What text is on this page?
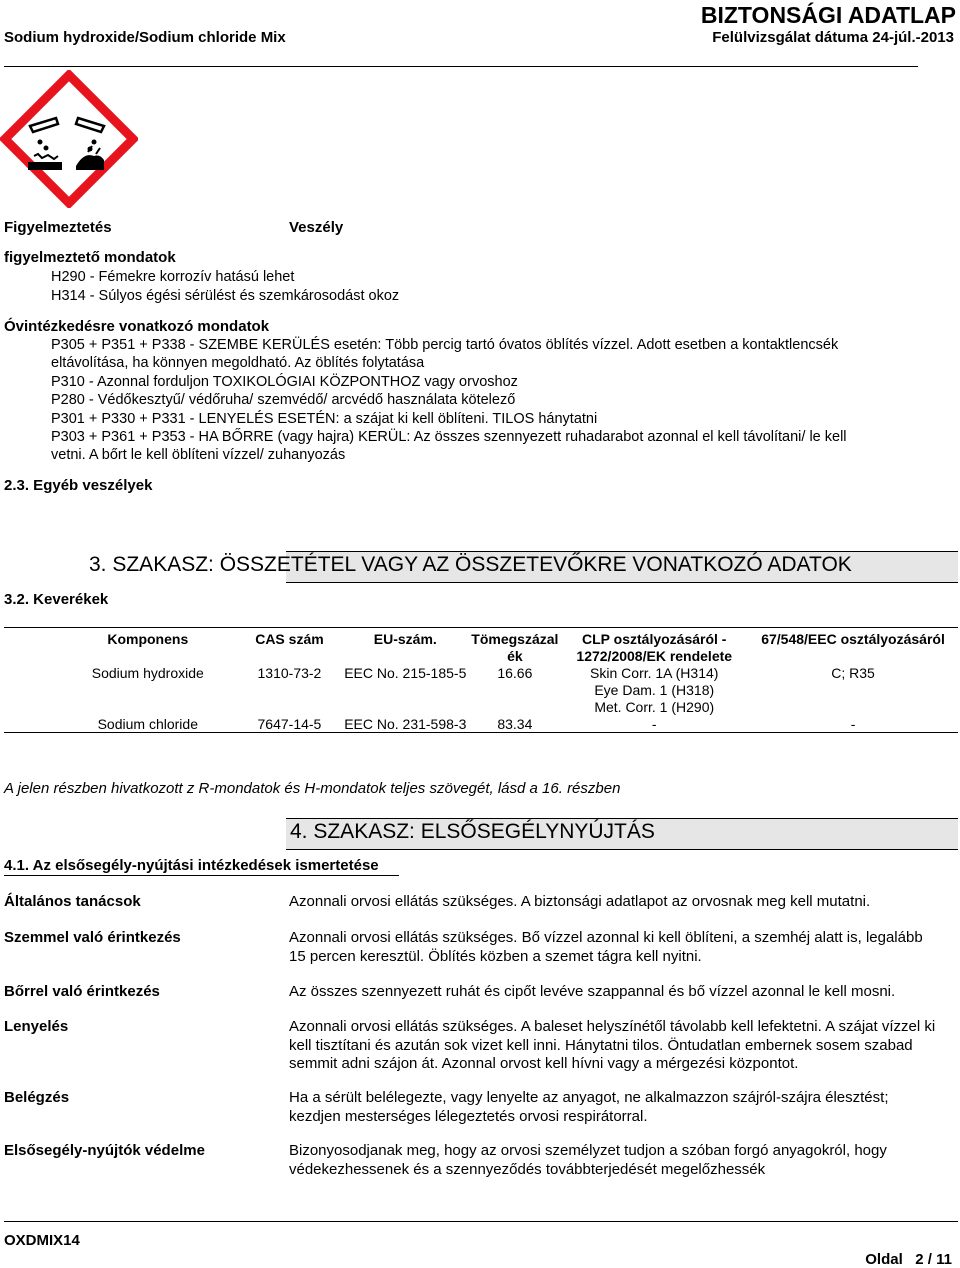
BIZTONSÁGI ADATLAP
Sodium hydroxide/Sodium chloride Mix	Felülvizsgálat dátuma 24-júl.-2013
Figyelmeztetés	Veszély
figyelmeztető mondatok
H290 - Fémekre korrozív hatású lehet
H314 - Súlyos égési sérülést és szemkárosodást okoz
Óvintézkedésre vonatkozó mondatok
P305 + P351 + P338 - SZEMBE KERÜLÉS esetén: Több percig tartó óvatos öblítés vízzel. Adott esetben a kontaktlencsék
eltávolítása, ha könnyen megoldható. Az öblítés folytatása
P310 - Azonnal forduljon TOXIKOLÓGIAI KÖZPONTHOZ vagy orvoshoz
P280 - Védőkesztyű/ védőruha/ szemvédő/ arcvédő használata kötelező
P301 + P330 + P331 - LENYELÉS ESETÉN: a szájat ki kell öblíteni. TILOS hánytatni
P303 + P361 + P353 - HA BŐRRE (vagy hajra) KERÜL: Az összes szennyezett ruhadarabot azonnal el kell távolítani/ le kell
vetni. A bőrt le kell öblíteni vízzel/ zuhanyozás
2.3. Egyéb veszélyek
3. SZAKASZ: ÖSSZETÉTEL VAGY AZ ÖSSZETEVŐKRE VONATKOZÓ ADATOK
3.2. Keverékek
Komponens	CAS szám	EU-szám.	Tömegszázal ék	CLP osztályozásáról - 1272/2008/EK rendelete	67/548/EEC osztályozásáról
Sodium hydroxide	1310-73-2	EEC No. 215-185-5	16.66	Skin Corr. 1A (H314)
Eye Dam. 1 (H318)
Met. Corr. 1 (H290)	C; R35
Sodium chloride	7647-14-5	EEC No. 231-598-3	83.34	-	-
A jelen részben hivatkozott z R-mondatok és H-mondatok teljes szövegét, lásd a 16. részben
4. SZAKASZ: ELSŐSEGÉLYNYÚJTÁS
4.1. Az elsősegély-nyújtási intézkedések ismertetése
Általános tanácsok	Azonnali orvosi ellátás szükséges. A biztonsági adatlapot az orvosnak meg kell mutatni.
Szemmel való érintkezés	Azonnali orvosi ellátás szükséges. Bő vízzel azonnal ki kell öblíteni, a szemhéj alatt is, legalább 15 percen keresztül. Öblítés közben a szemet tágra kell nyitni.
Bőrrel való érintkezés	Az összes szennyezett ruhát és cipőt levéve szappannal és bő vízzel azonnal le kell mosni.
Lenyelés	Azonnali orvosi ellátás szükséges. A baleset helyszínétől távolabb kell lefektetni. A szájat vízzel ki kell tisztítani és azután sok vizet kell inni. Hánytatni tilos. Öntudatlan embernek sosem szabad semmit adni szájon át. Azonnal orvost kell hívni vagy a mérgezési központot.
Belégzés	Ha a sérült belélegezte, vagy lenyelte az anyagot, ne alkalmazzon szájról-szájra élesztést; kezdjen mesterséges lélegeztetés orvosi respirátorral.
Elsősegély-nyújtók védelme	Bizonyosodjanak meg, hogy az orvosi személyzet tudjon a szóban forgó anyagokról, hogy védekezhessenek és a szennyeződés továbbterjedését megelőzhessék
OXDMIX14
Oldal 2 / 11
